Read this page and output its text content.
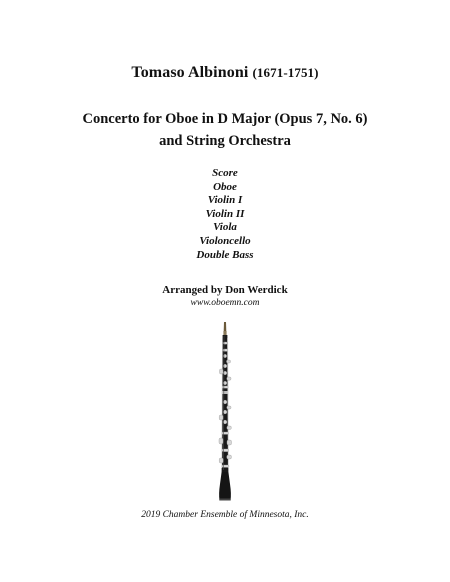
Tomaso Albinoni (1671-1751)
Concerto for Oboe in D Major (Opus 7, No. 6)
and String Orchestra
Score
Oboe
Violin I
Violin II
Viola
Violoncello
Double Bass
Arranged by Don Werdick
www.oboemn.com
2019 Chamber Ensemble of Minnesota, Inc.
